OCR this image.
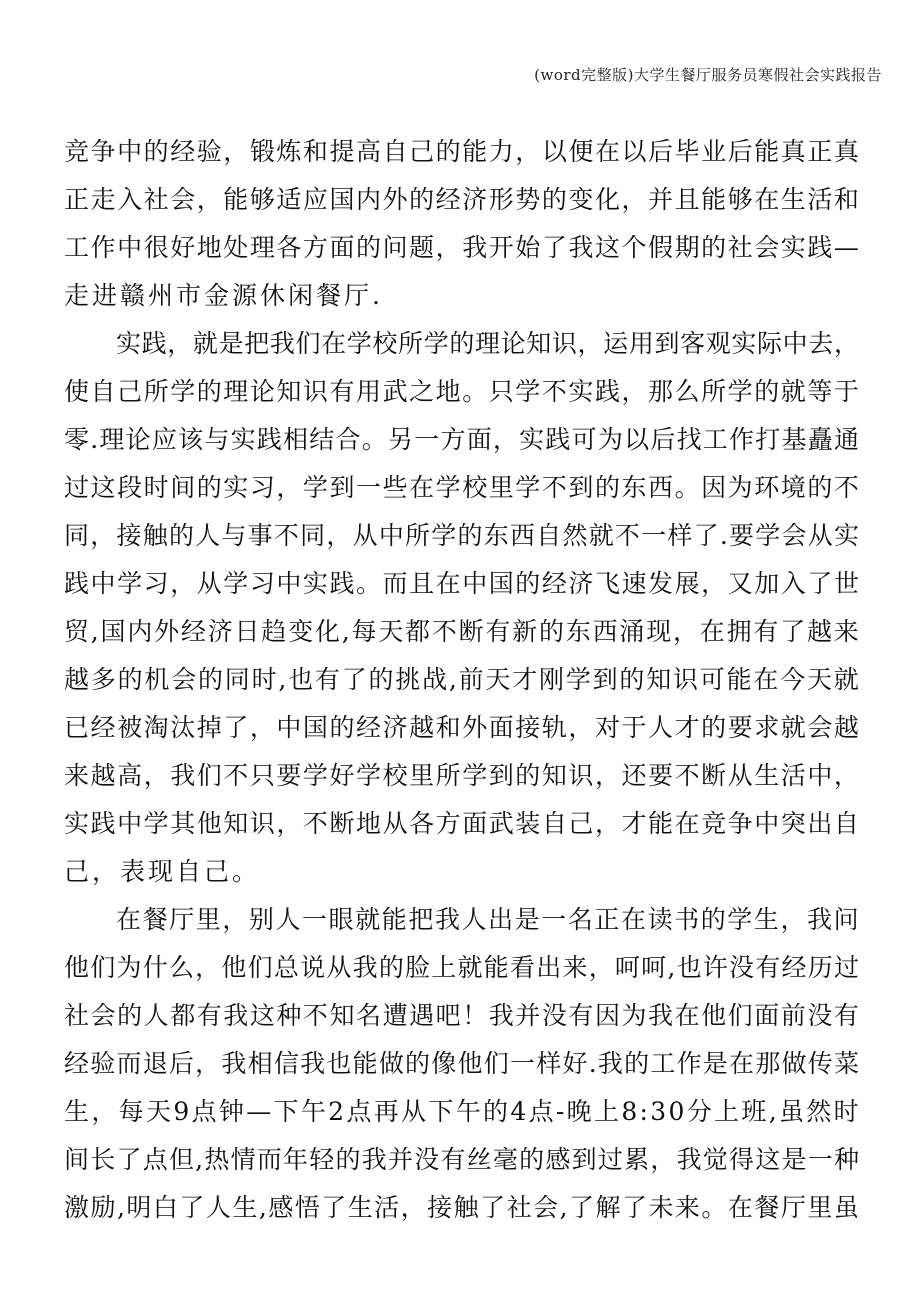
(word完整版)大学生餐厅服务员寒假社会实践报告
竞 争 中 的 经 验 ， 锻 炼 和 提 高 自 己 的 能 力 ， 以 便 在 以 后 毕 业 后 能 真 正 真
正 走 入 社 会 ， 能 够 适 应 国 内 外 的 经 济 形 势 的 变 化 ， 并 且 能 够 在 生 活 和
工 作 中 很 好 地 处 理 各 方 面 的 问 题 ， 我 开 始 了 我 这 个 假 期 的 社 会 实 践 —
走进赣州市金源休闲餐厅.
实 践 ， 就 是 把 我 们 在 学 校 所 学 的 理 论 知 识 ， 运 用 到 客 观 实 际 中 去 ，
使 自 己 所 学 的 理 论 知 识 有 用 武 之 地 。 只 学 不 实 践 ， 那 么 所 学 的 就 等 于
零 . 理 论 应 该 与 实 践 相 结 合 。 另 一 方 面 ， 实 践 可 为 以 后 找 工 作 打 基 矗 通
过 这 段 时 间 的 实 习 ， 学 到 一 些 在 学 校 里 学 不 到 的 东 西 。 因 为 环 境 的 不
同 ， 接 触 的 人 与 事 不 同 ， 从 中 所 学 的 东 西 自 然 就 不 一 样 了 . 要 学 会 从 实
践 中 学 习 ， 从 学 习 中 实 践 。 而 且 在 中 国 的 经 济 飞 速 发 展 ， 又 加 入 了 世
贸 , 国 内 外 经 济 日 趋 变 化 , 每 天 都 不 断 有 新 的 东 西 涌 现 ， 在 拥 有 了 越 来
越 多 的 机 会 的 同 时 , 也 有 了 的 挑 战 , 前 天 才 刚 学 到 的 知 识 可 能 在 今 天 就
已 经 被 淘 汰 掉 了 ， 中 国 的 经 济 越 和 外 面 接 轨 ， 对 于 人 才 的 要 求 就 会 越
来 越 高 ， 我 们 不 只 要 学 好 学 校 里 所 学 到 的 知 识 ， 还 要 不 断 从 生 活 中 ，
实 践 中 学 其 他 知 识 ， 不 断 地 从 各 方 面 武 装 自 己 ， 才 能 在 竞 争 中 突 出 自
己，表现自己。
在 餐 厅 里 ， 别 人 一 眼 就 能 把 我 人 出 是 一 名 正 在 读 书 的 学 生 ， 我 问
他 们 为 什 么 ， 他 们 总 说 从 我 的 脸 上 就 能 看 出 来 ， 呵 呵 , 也 许 没 有 经 历 过
社 会 的 人 都 有 我 这 种 不 知 名 遭 遇 吧 ！ 我 并 没 有 因 为 我 在 他 们 面 前 没 有
经 验 而 退 后 ， 我 相 信 我 也 能 做 的 像 他 们 一 样 好 . 我 的 工 作 是 在 那 做 传 菜
生 ， 每 天 9 点 钟 — 下 午 2 点 再 从 下 午 的 4 点 - 晚 上 8 : 3 0 分 上 班 , 虽 然 时
间 长 了 点 但 , 热 情 而 年 轻 的 我 并 没 有 丝 毫 的 感 到 过 累 ， 我 觉 得 这 是 一 种
激 励 , 明 白 了 人 生 , 感 悟 了 生 活 ， 接 触 了 社 会 , 了 解 了 未 来 。 在 餐 厅 里 虽
